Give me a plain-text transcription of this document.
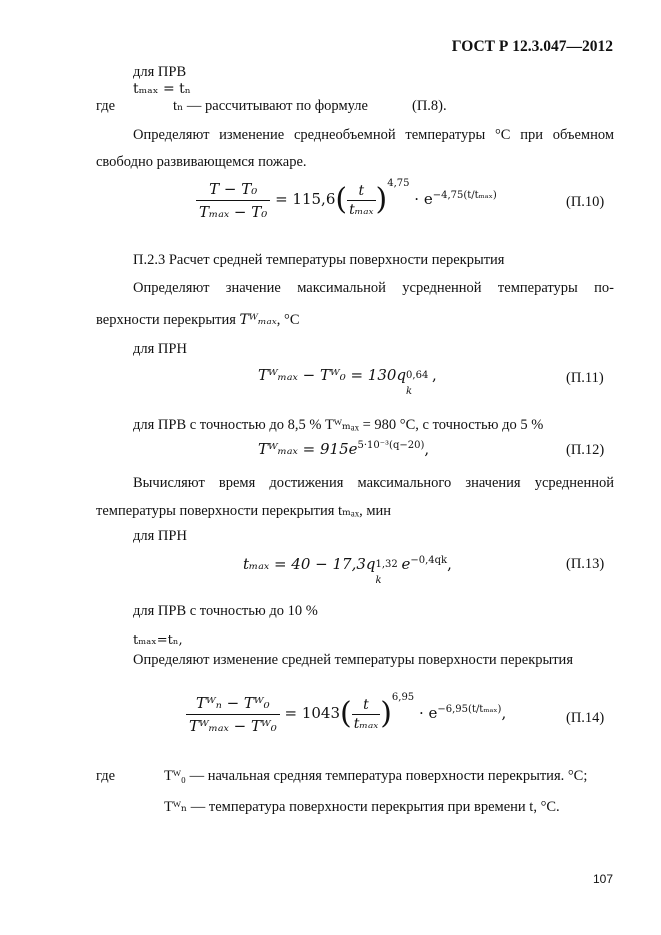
ГОСТ Р 12.3.047—2012
для ПРВ
tₘₐₓ = tₙ
где	tₙ — рассчитывают по формуле	(П.8).
Определяют изменение среднеобъемной температуры °С при объемном
свободно развивающемся пожаре.
$\frac{\text{T − T₀}}{\text{Tₘₐₓ − T₀}} = 115,6( \frac{t}{\text{tₘₐₓ}} )^{4,75} \cdot e^{-4,75(t/t_{max})}$	(П.10)
П.2.3 Расчет средней температуры поверхности перекрытия
Определяют значение максимальной усредненной температуры по-
верхности перекрытия Tᵂₘₐₓ, °С
для ПРН
Tᵂₘₐₓ − Tᵂ₀ = 130q 0,64
k
,	(П.11)
для ПРВ с точностью до 8,5 % Tᵂₘₐₓ = 980 °С, с точностью до 5 %
Tᵂₘₐₓ = $915e^{5\cdot 10^{-3}(q-20)}$,	(П.12)
Вычисляют время достижения максимального значения усредненной
температуры поверхности перекрытия tₘₐₓ, мин
для ПРН
tₘₐₓ = 40 − 17,3q 1,32
k
$e^{-0,4qk}$,	(П.13)
для ПРВ с точностью до 10 %
tₘₐₓ=tₙ,
Определяют изменение средней температуры поверхности перекрытия
$\frac{\text{Tᵂₙ − Tᵂ₀}}{\text{Tᵂₘₐₓ − Tᵂ₀}} = 1043( \frac{t}{\text{tₘₐₓ}} )^{6,95} \cdot e^{-6,95(t/t_{max})}$,	(П.14)
где	Tᵂ₀ — начальная средняя температура поверхности перекрытия. °С;
Tᵂₙ — температура поверхности перекрытия при времени t, °С.
107
